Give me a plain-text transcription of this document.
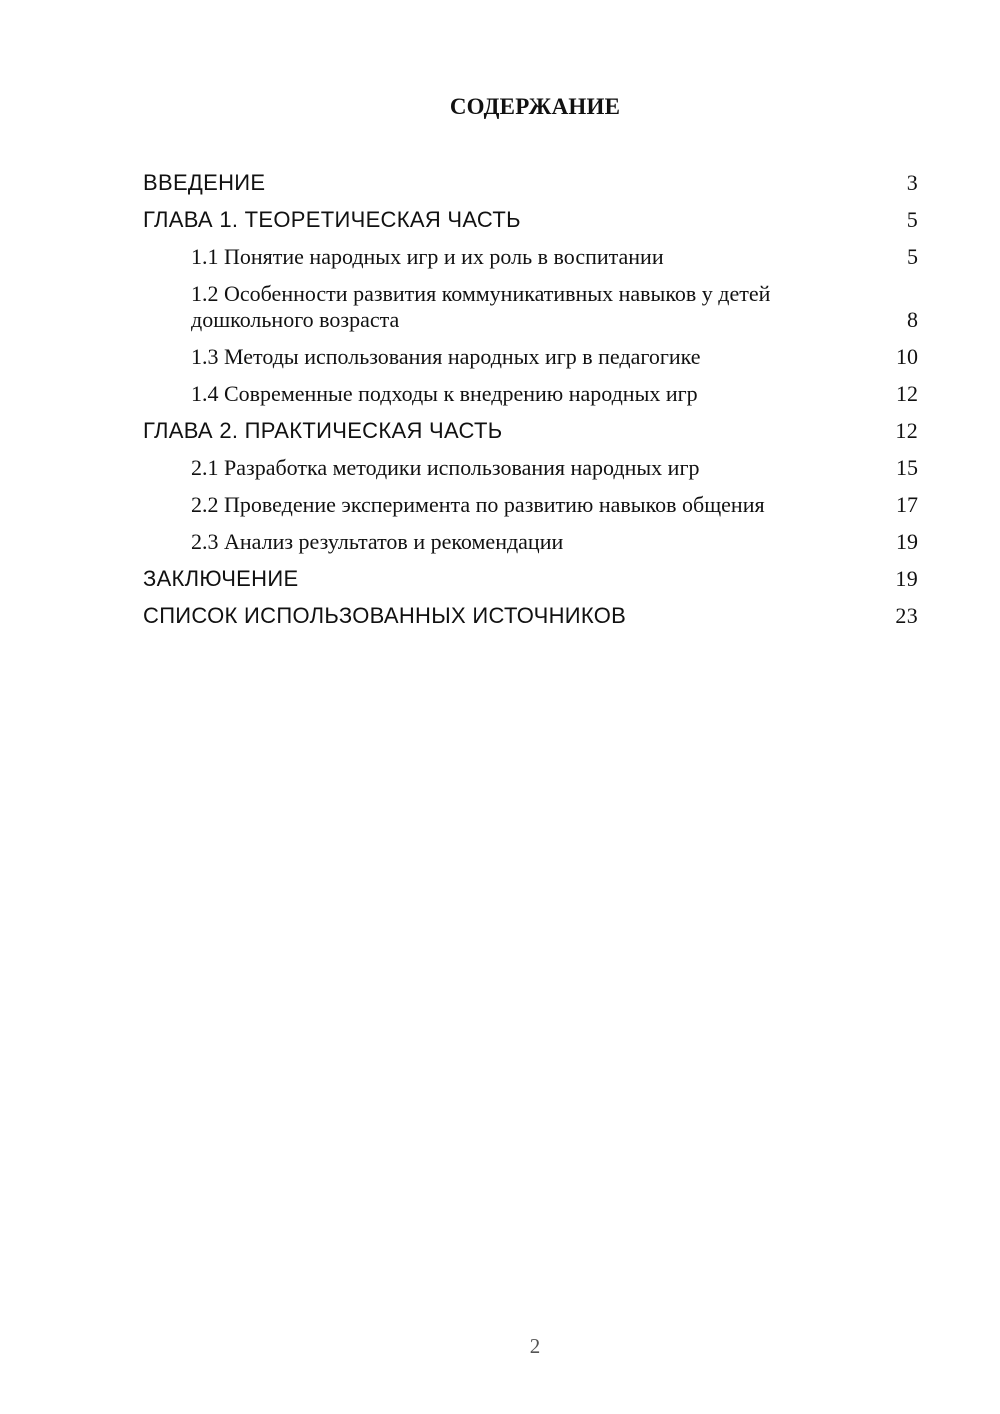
СОДЕРЖАНИЕ
ВВЕДЕНИЕ	3
ГЛАВА 1. ТЕОРЕТИЧЕСКАЯ ЧАСТЬ	5
1.1 Понятие народных игр и их роль в воспитании	5
1.2 Особенности развития коммуникативных навыков у детей дошкольного возраста	8
1.3 Методы использования народных игр в педагогике	10
1.4 Современные подходы к внедрению народных игр	12
ГЛАВА 2. ПРАКТИЧЕСКАЯ ЧАСТЬ	12
2.1 Разработка методики использования народных игр	15
2.2 Проведение эксперимента по развитию навыков общения	17
2.3 Анализ результатов и рекомендации	19
ЗАКЛЮЧЕНИЕ	19
СПИСОК ИСПОЛЬЗОВАННЫХ ИСТОЧНИКОВ	23
2
